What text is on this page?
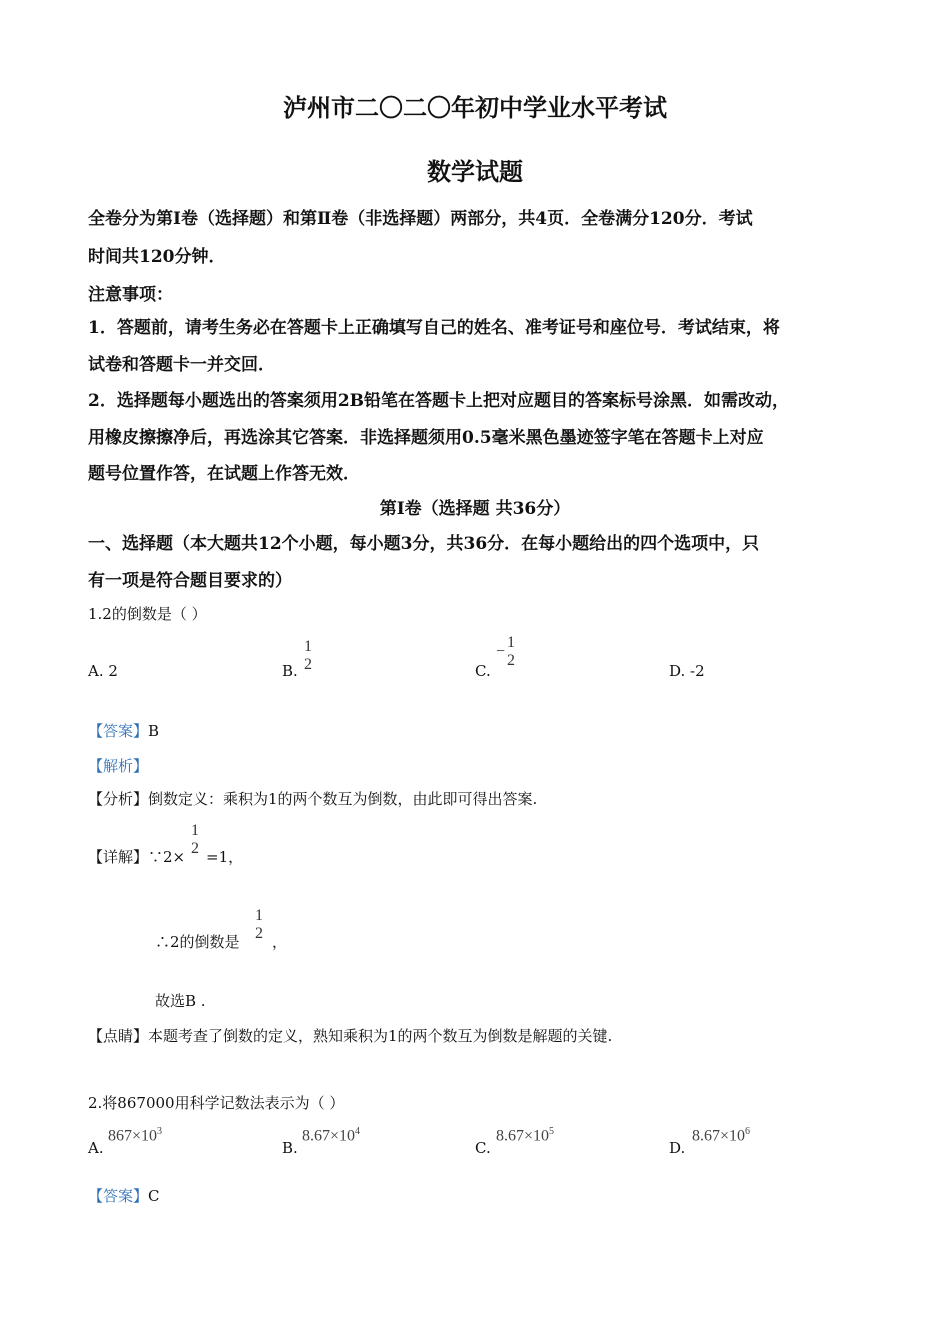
泸州市二〇二〇年初中学业水平考试
数学试题
全卷分为第Ⅰ卷（选择题）和第Ⅱ卷（非选择题）两部分，共4页．全卷满分120分．考试
时间共120分钟．
注意事项：
1．答题前，请考生务必在答题卡上正确填写自己的姓名、准考证号和座位号．考试结束，将
试卷和答题卡一并交回．
2．选择题每小题选出的答案须用2B铅笔在答题卡上把对应题目的答案标号涂黑．如需改动，
用橡皮擦擦净后，再选涂其它答案．非选择题须用0.5毫米黑色墨迹签字笔在答题卡上对应
题号位置作答，在试题上作答无效．
第Ⅰ卷（选择题 共36分）
一、选择题（本大题共12个小题，每小题3分，共36分．在每小题给出的四个选项中，只
有一项是符合题目要求的）
1.2的倒数是（ ）
A. 2	B.
1
2	C.
−
1
2
D. -2
【答案】B
【解析】
【分析】倒数定义：乘积为1的两个数互为倒数，由此即可得出答案.
【详解】∵2×
1
2 =1，
∴2的倒数是
1
2 ，
故选B .
【点睛】本题考查了倒数的定义，熟知乘积为1的两个数互为倒数是解题的关键.
2.将867000用科学记数法表示为（ ）
A.
$867\times 10^3$
B.
$8.67\times 10^4$
C.
$8.67\times 10^5$
D.
$8.67\times 10^6$
【答案】C
